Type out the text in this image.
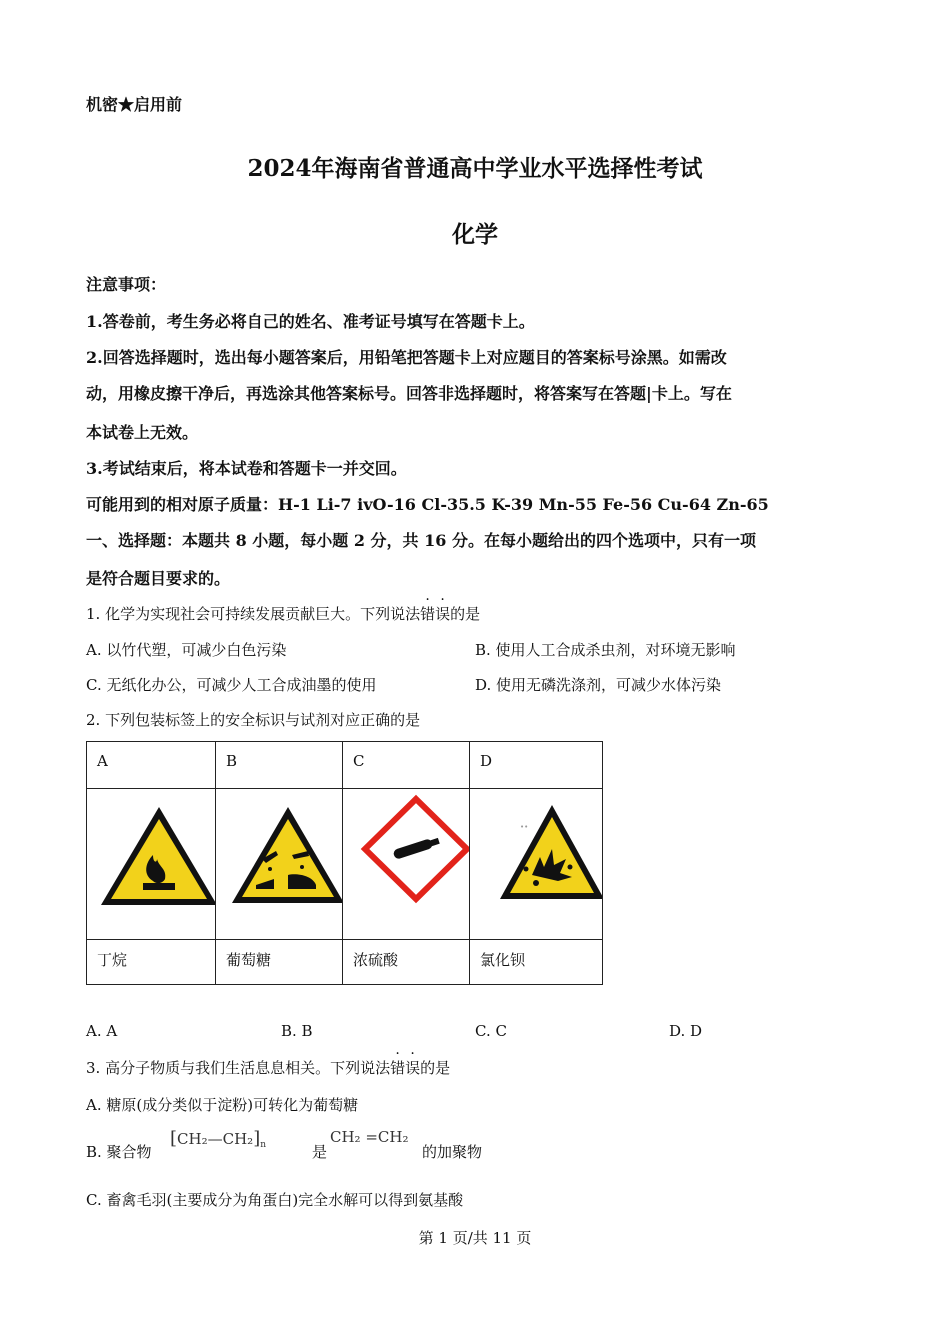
机密★启用前
2024年海南省普通高中学业水平选择性考试
化学
注意事项：
1.答卷前，考生务必将自己的姓名、准考证号填写在答题卡上。
2.回答选择题时，选出每小题答案后，用铅笔把答题卡上对应题目的答案标号涂黑。如需改
动，用橡皮擦干净后，再选涂其他答案标号。回答非选择题时，将答案写在答题|卡上。写在
本试卷上无效。
3.考试结束后，将本试卷和答题卡一并交回。
可能用到的相对原子质量：H-1 Li-7 ivO-16 Cl-35.5 K-39 Mn-55 Fe-56 Cu-64 Zn-65
一、选择题：本题共 8 小题，每小题 2 分，共 16 分。在每小题给出的四个选项中，只有一项
是符合题目要求的。
1. 化学为实现社会可持续发展贡献巨大。下列说法错误的是
A. 以竹代塑，可减少白色污染	B. 使用人工合成杀虫剂，对环境无影响
C. 无纸化办公，可减少人工合成油墨的使用	D. 使用无磷洗涤剂，可减少水体污染
2. 下列包装标签上的安全标识与试剂对应正确的是
A	B	C	D

••

丁烷	葡萄糖	浓硫酸	氯化钡
A. A	B. B	C. C	D. D
3. 高分子物质与我们生活息息相关。下列说法错误的是
A. 糖原(成分类似于淀粉)可转化为葡萄糖
B. 聚合物
$[CH_2—CH_2]_n$	是
CH₂ =CH₂
的加聚物
C. 畜禽毛羽(主要成分为角蛋白)完全水解可以得到氨基酸
第 1 页/共 11 页
